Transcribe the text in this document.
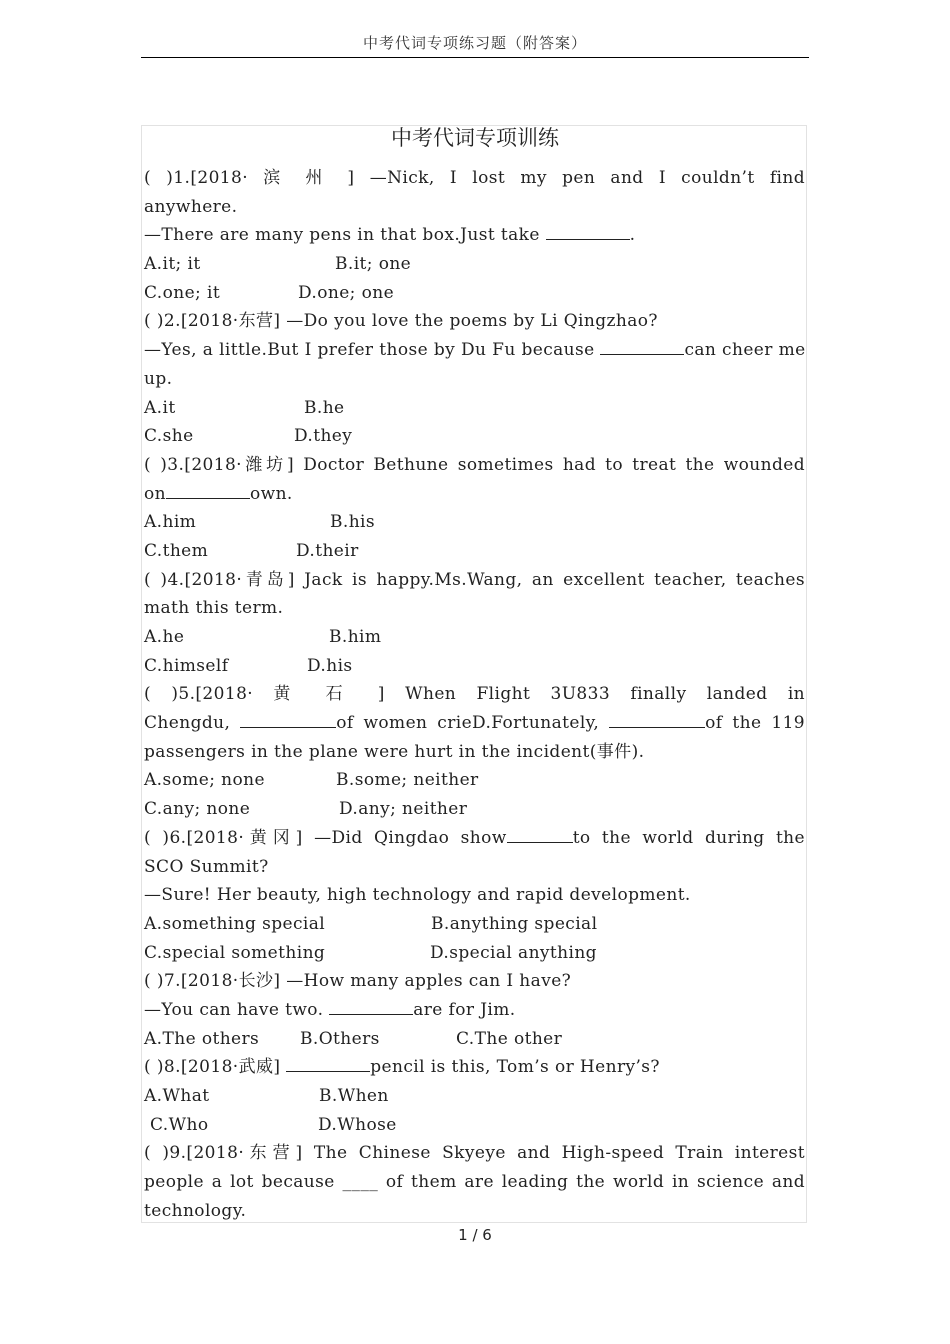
中考代词专项练习题（附答案）
中考代词专项训练
( )1.[2018· 滨 州 ] —Nick, I lost my pen and I couldn’t find
anywhere.
—There are many pens in that box.Just take	.
A.it; it	B.it; one
C.one; it	D.one; one
( )2.[2018·东营] —Do you love the poems by Li Qingzhao?
—Yes, a little.But I prefer those by Du Fu because	can cheer me
up.
A.it	B.he
C.she	D.they
( )3.[2018·潍坊] Doctor Bethune sometimes had to treat the wounded
on	own.
A.him	B.his
C.them	D.their
( )4.[2018·青岛] Jack is happy.Ms.Wang, an excellent teacher, teaches
math this term.
A.he	B.him
C.himself	D.his
( )5.[2018· 黄 石 ] When Flight 3U833 finally landed in
Chengdu,	of women crieD.Fortunately,	of the 119
passengers in the plane were hurt in the incident(事件).
A.some; none	B.some; neither
C.any; none	D.any; neither
( )6.[2018·黄冈] —Did Qingdao show	to the world during the
SCO Summit?
—Sure! Her beauty, high technology and rapid development.
A.something special	B.anything special
C.special something	D.special anything
( )7.[2018·长沙] —How many apples can I have?
—You can have two.	are for Jim.
A.The others B.Others	C.The other
( )8.[2018·武威]	pencil is this, Tom’s or Henry’s?
A.What	B.When
C.Who	D.Whose
( )9.[2018·东营] The Chinese Skyeye and High-speed Train interest
people a lot because ____ of them are leading the world in science and
technology.
1 / 6
